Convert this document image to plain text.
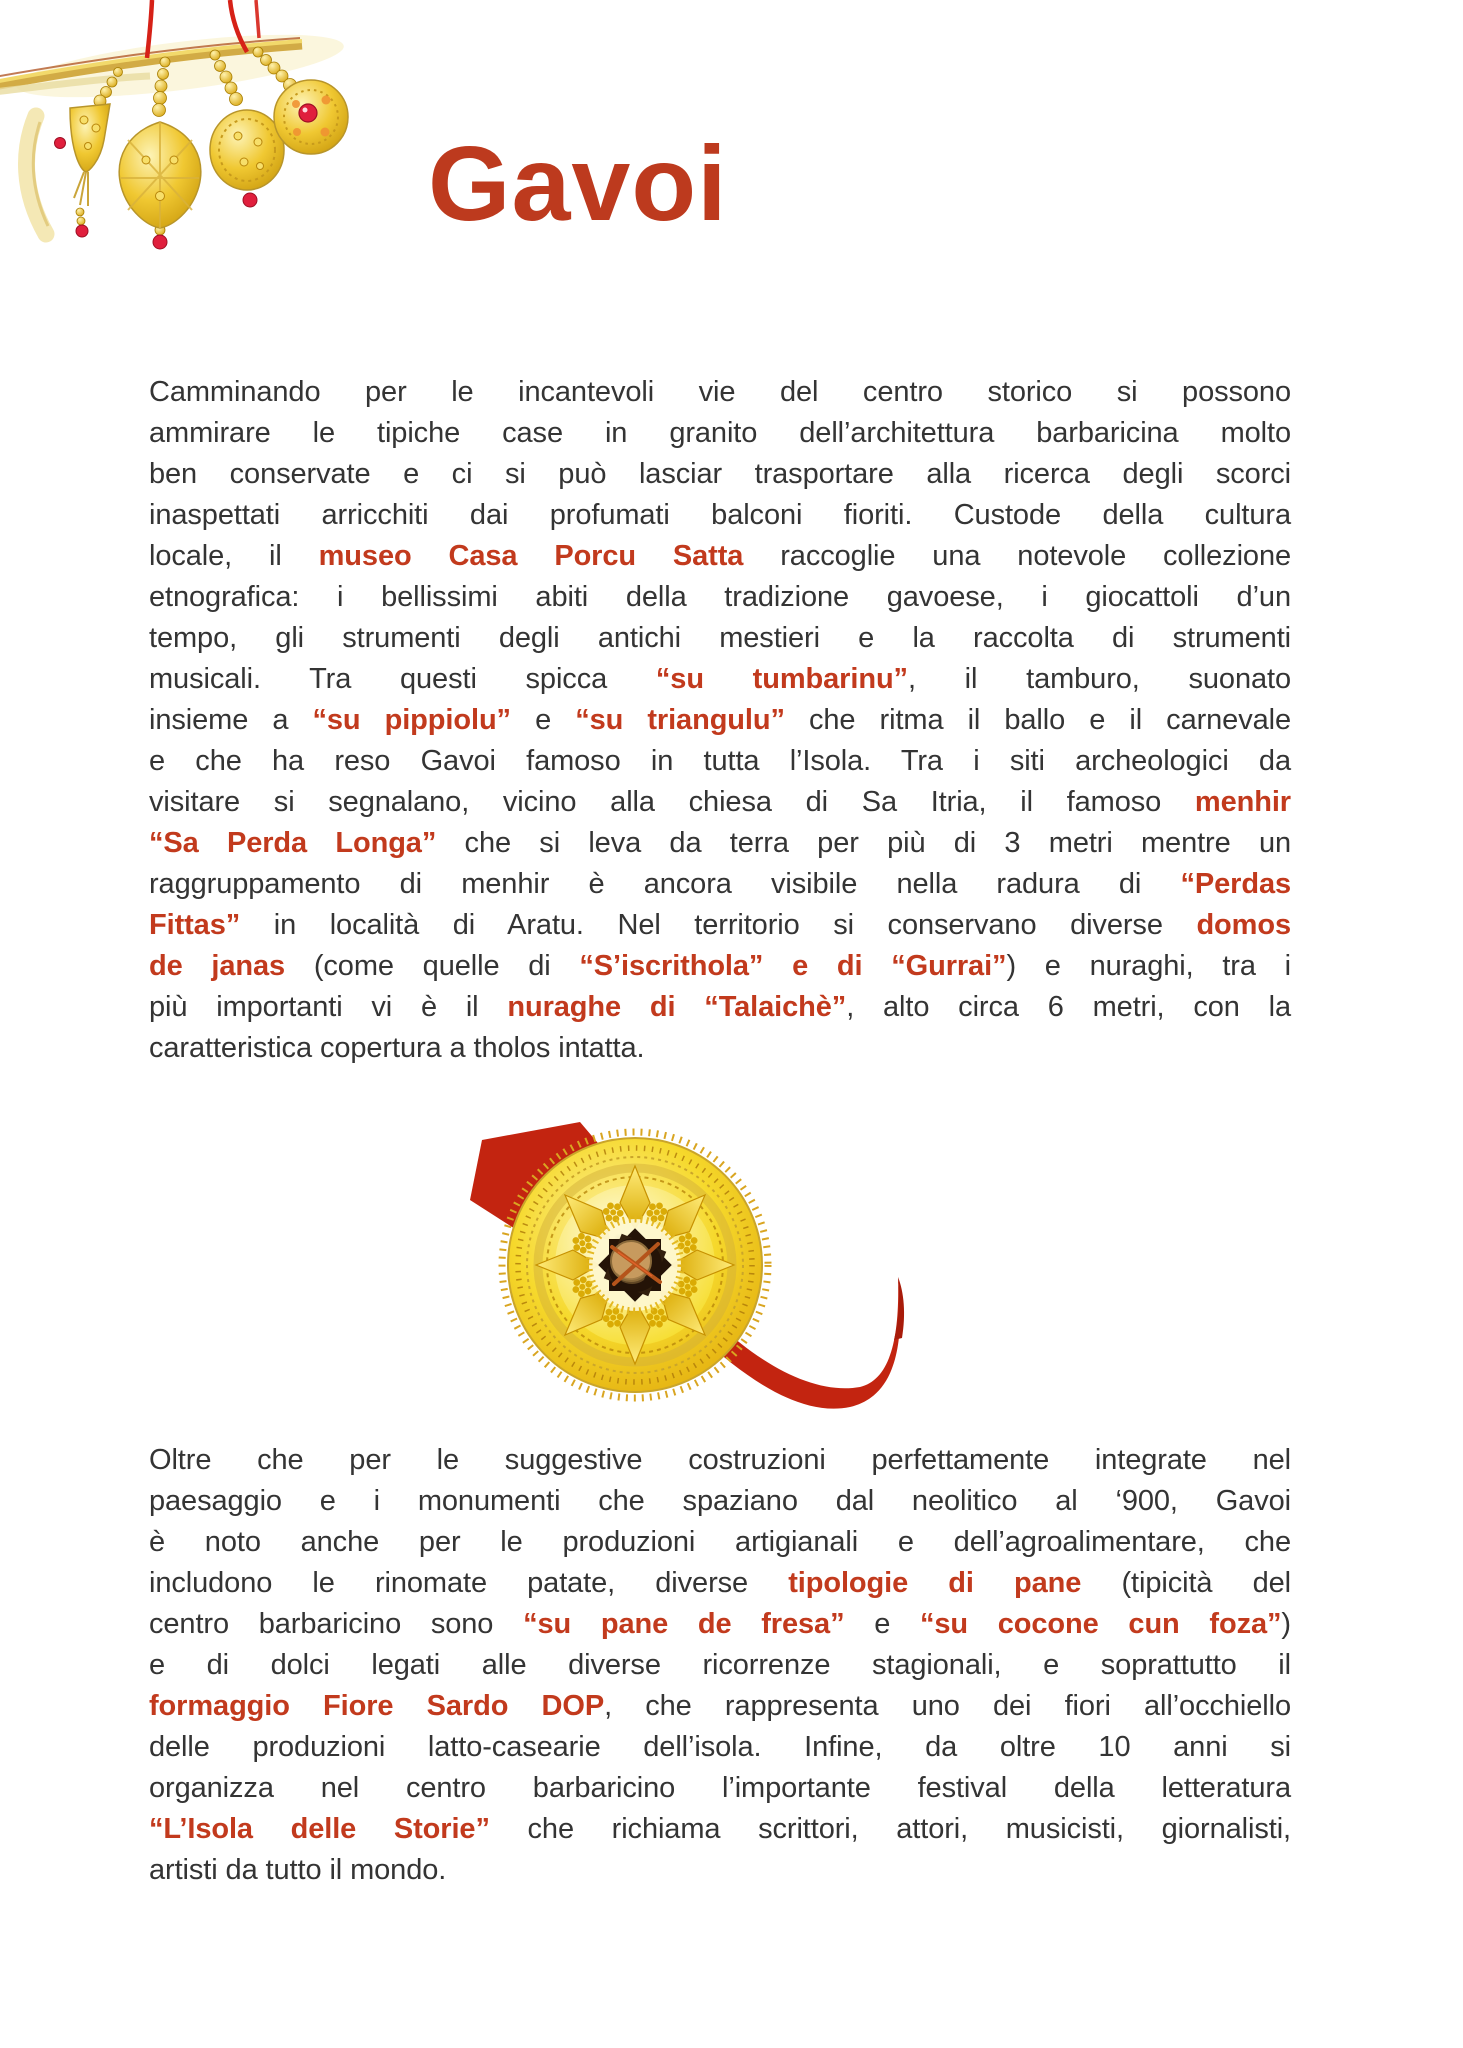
Gavoi
Camminando per le incantevoli vie del centro storico si possono
ammirare le tipiche case in granito dell’architettura barbaricina molto
ben conservate e ci si può lasciar trasportare alla ricerca degli scorci
inaspettati arricchiti dai profumati balconi fioriti. Custode della cultura
locale, il museo Casa Porcu Satta raccoglie una notevole collezione
etnografica: i bellissimi abiti della tradizione gavoese, i giocattoli d’un
tempo, gli strumenti degli antichi mestieri e la raccolta di strumenti
musicali. Tra questi spicca “su tumbarinu”, il tamburo, suonato
insieme a “su pippiolu” e “su triangulu” che ritma il ballo e il carnevale
e che ha reso Gavoi famoso in tutta l’Isola. Tra i siti archeologici da
visitare si segnalano, vicino alla chiesa di Sa Itria, il famoso menhir
“Sa Perda Longa” che si leva da terra per più di 3 metri mentre un
raggruppamento di menhir è ancora visibile nella radura di “Perdas
Fittas” in località di Aratu. Nel territorio si conservano diverse domos
de janas (come quelle di “S’iscrithola” e di “Gurrai”) e nuraghi, tra i
più importanti vi è il nuraghe di “Talaichè”, alto circa 6 metri, con la
caratteristica copertura a tholos intatta.
Oltre che per le suggestive costruzioni perfettamente integrate nel
paesaggio e i monumenti che spaziano dal neolitico al ‘900, Gavoi
è noto anche per le produzioni artigianali e dell’agroalimentare, che
includono le rinomate patate, diverse tipologie di pane (tipicità del
centro barbaricino sono “su pane de fresa” e “su cocone cun foza”)
e di dolci legati alle diverse ricorrenze stagionali, e soprattutto il
formaggio Fiore Sardo DOP, che rappresenta uno dei fiori all’occhiello
delle produzioni latto-casearie dell’isola. Infine, da oltre 10 anni si
organizza nel centro barbaricino l’importante festival della letteratura
“L’Isola delle Storie” che richiama scrittori, attori, musicisti, giornalisti,
artisti da tutto il mondo.
